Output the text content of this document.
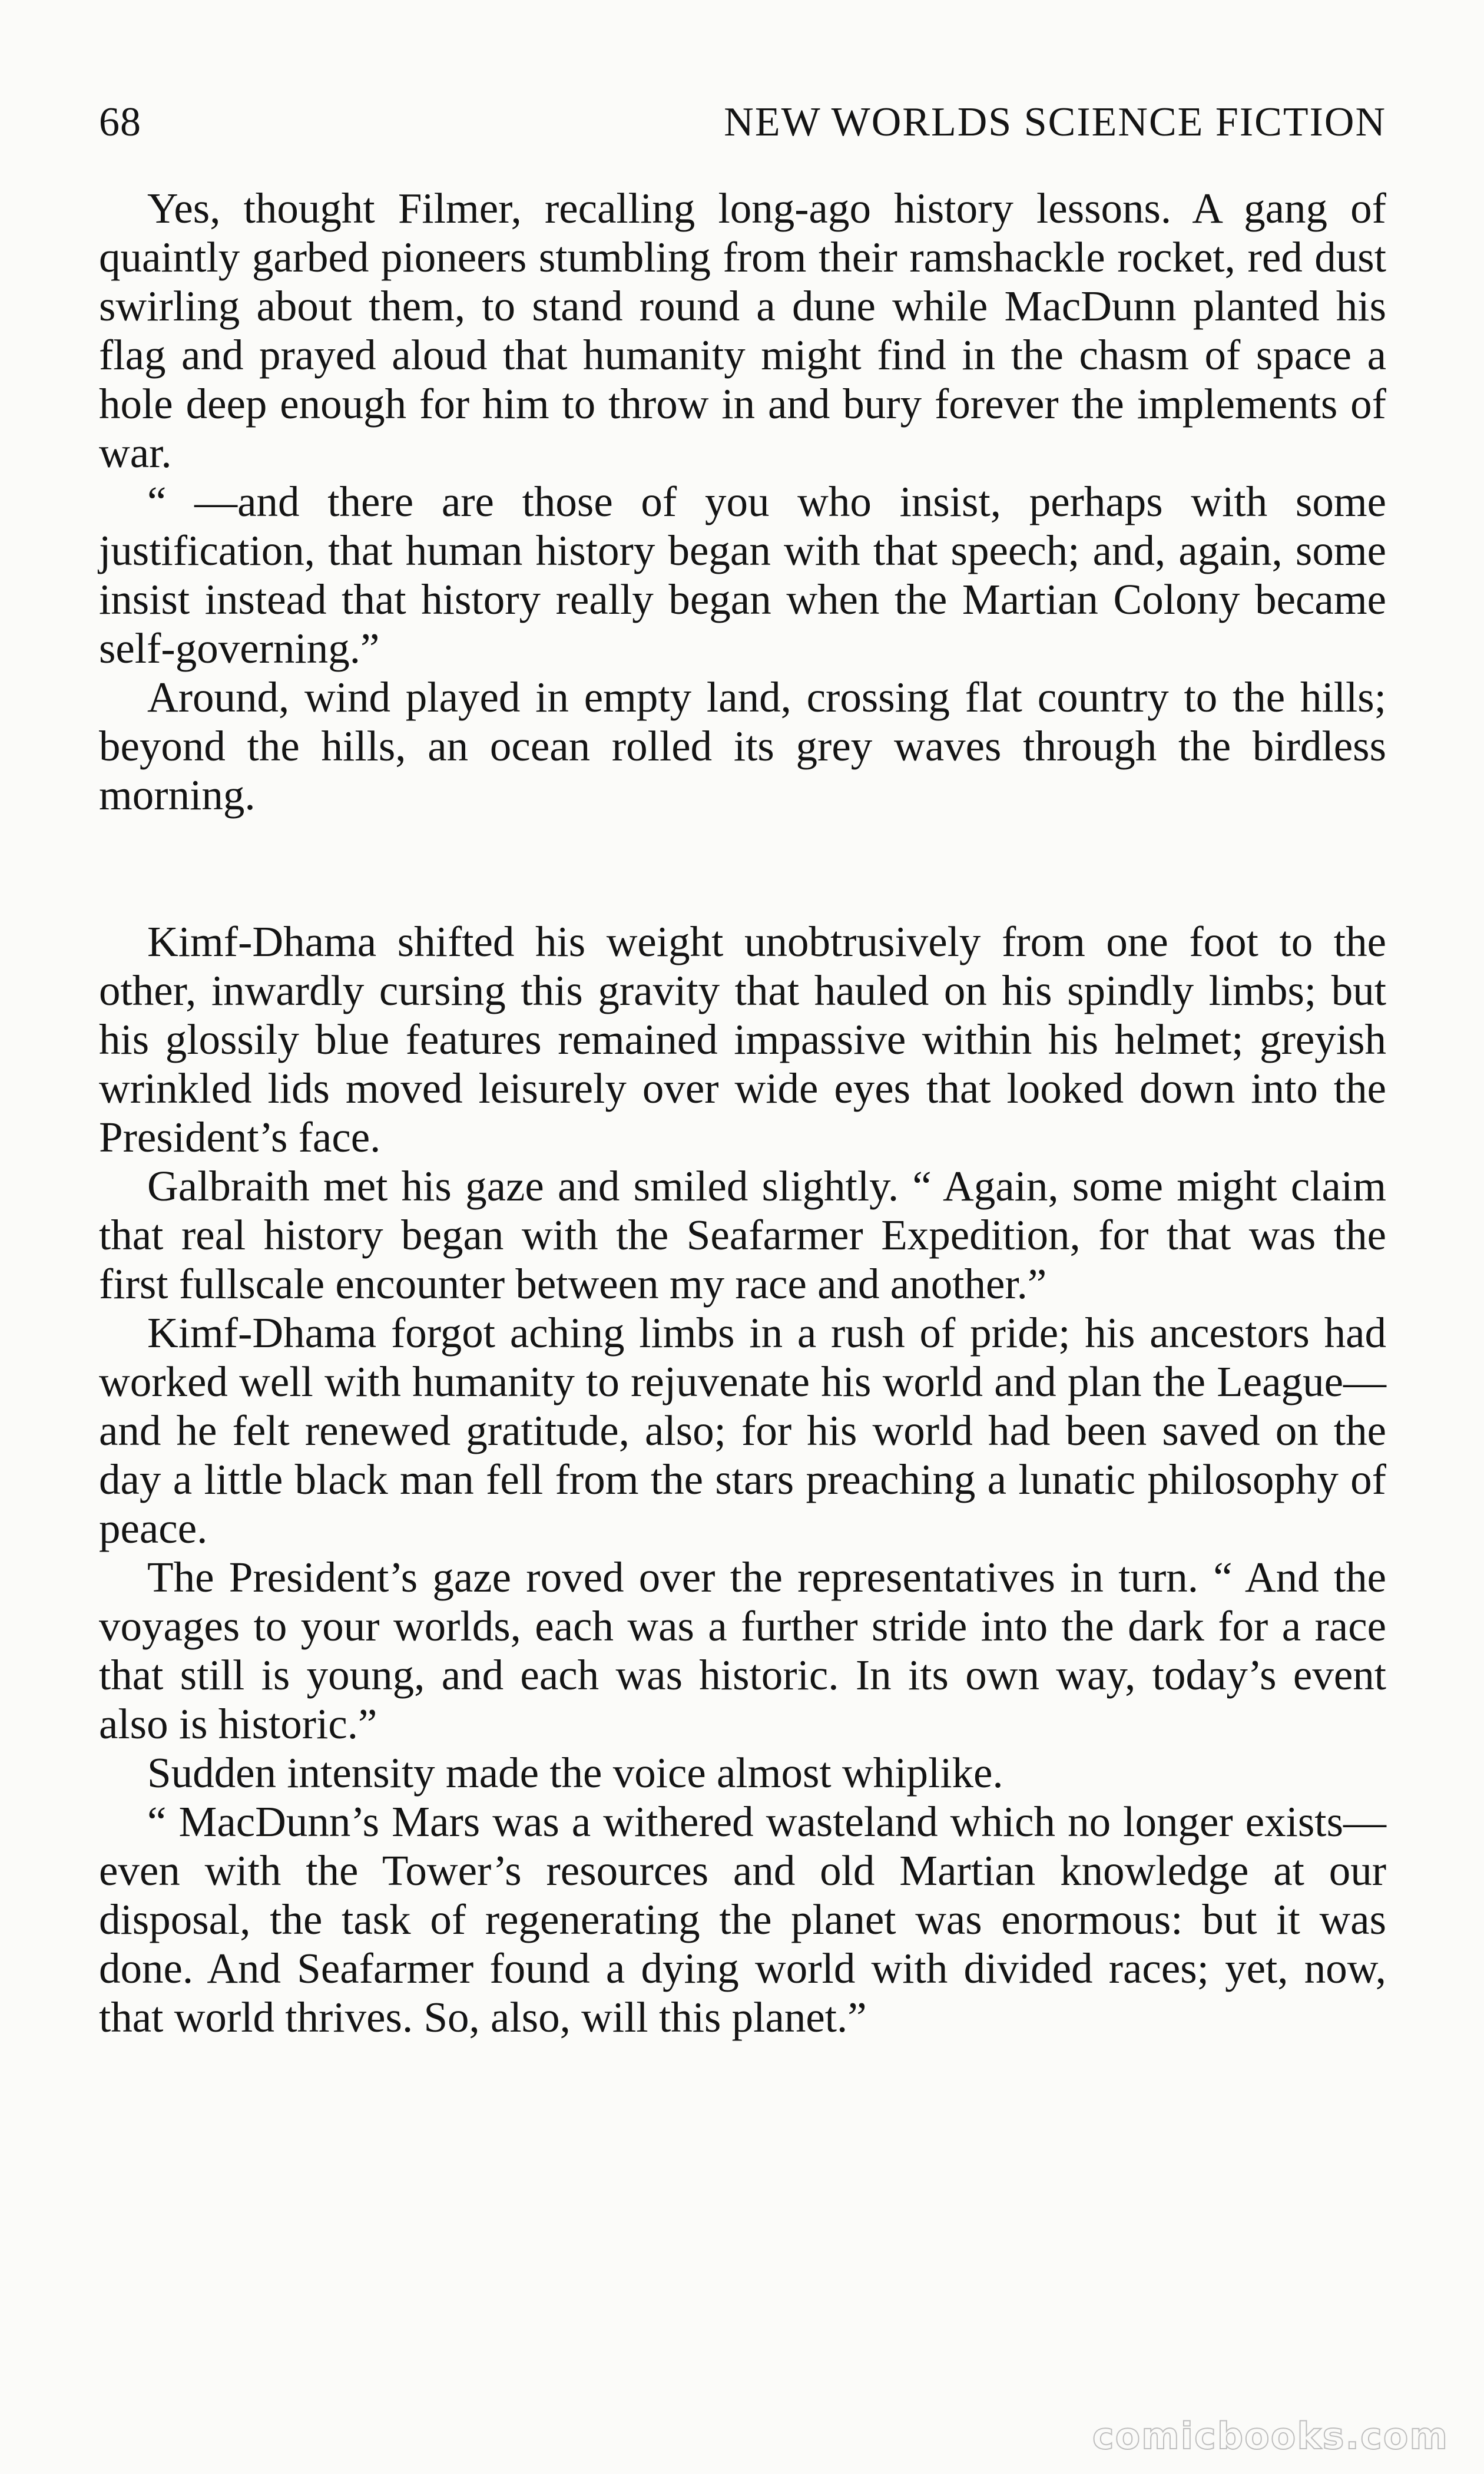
68	NEW WORLDS SCIENCE FICTION

Yes, thought Filmer, recalling long-ago history lessons. A gang of quaintly garbed pioneers stumbling from their ramshackle rocket, red dust swirling about them, to stand round a dune while MacDunn planted his flag and prayed aloud that humanity might find in the chasm of space a hole deep enough for him to throw in and bury forever the implements of war.

“ —and there are those of you who insist, perhaps with some justification, that human history began with that speech; and, again, some insist instead that history really began when the Martian Colony became self-governing.”

Around, wind played in empty land, crossing flat country to the hills; beyond the hills, an ocean rolled its grey waves through the birdless morning.

Kimf-Dhama shifted his weight unobtrusively from one foot to the other, inwardly cursing this gravity that hauled on his spindly limbs; but his glossily blue features remained impassive within his helmet; greyish wrinkled lids moved leisurely over wide eyes that looked down into the President’s face.

Galbraith met his gaze and smiled slightly. “ Again, some might claim that real history began with the Seafarmer Expedition, for that was the first fullscale encounter between my race and another.”

Kimf-Dhama forgot aching limbs in a rush of pride; his ancestors had worked well with humanity to rejuvenate his world and plan the League—and he felt renewed gratitude, also; for his world had been saved on the day a little black man fell from the stars preaching a lunatic philosophy of peace.

The President’s gaze roved over the representatives in turn. “ And the voyages to your worlds, each was a further stride into the dark for a race that still is young, and each was historic. In its own way, today’s event also is historic.”

Sudden intensity made the voice almost whiplike.

“ MacDunn’s Mars was a withered wasteland which no longer exists—even with the Tower’s resources and old Martian knowledge at our disposal, the task of regenerating the planet was enormous: but it was done. And Seafarmer found a dying world with divided races; yet, now, that world thrives. So, also, will this planet.”

comicbooks.com
